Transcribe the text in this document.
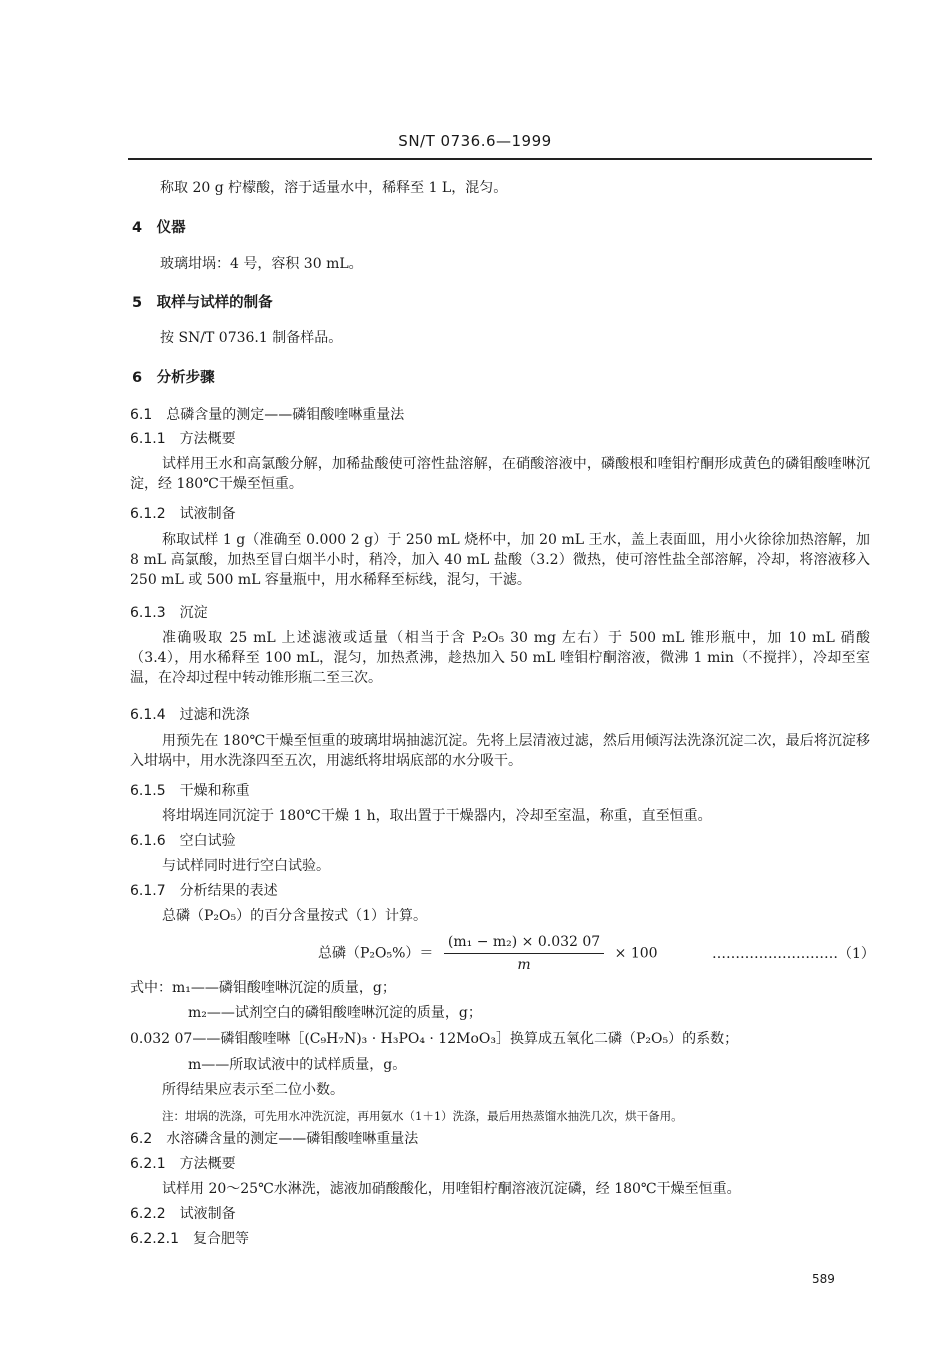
SN/T 0736.6—1999
称取 20 g 柠檬酸，溶于适量水中，稀释至 1 L，混匀。
4　仪器
玻璃坩埚：4 号，容积 30 mL。
5　取样与试样的制备
按 SN/T 0736.1 制备样品。
6　分析步骤
6.1　总磷含量的测定——磷钼酸喹啉重量法
6.1.1　方法概要
试样用王水和高氯酸分解，加稀盐酸使可溶性盐溶解，在硝酸溶液中，磷酸根和喹钼柠酮形成黄色的磷钼酸喹啉沉淀，经 180℃干燥至恒重。
6.1.2　试液制备
称取试样 1 g（准确至 0.000 2 g）于 250 mL 烧杯中，加 20 mL 王水，盖上表面皿，用小火徐徐加热溶解，加 8 mL 高氯酸，加热至冒白烟半小时，稍冷，加入 40 mL 盐酸（3.2）微热，使可溶性盐全部溶解，冷却，将溶液移入 250 mL 或 500 mL 容量瓶中，用水稀释至标线，混匀，干滤。
6.1.3　沉淀
准确吸取 25 mL 上述滤液或适量（相当于含 P₂O₅ 30 mg 左右）于 500 mL 锥形瓶中，加 10 mL 硝酸（3.4），用水稀释至 100 mL，混匀，加热煮沸，趁热加入 50 mL 喹钼柠酮溶液，微沸 1 min（不搅拌），冷却至室温，在冷却过程中转动锥形瓶二至三次。
6.1.4　过滤和洗涤
用预先在 180℃干燥至恒重的玻璃坩埚抽滤沉淀。先将上层清液过滤，然后用倾泻法洗涤沉淀二次，最后将沉淀移入坩埚中，用水洗涤四至五次，用滤纸将坩埚底部的水分吸干。
6.1.5　干燥和称重
将坩埚连同沉淀于 180℃干燥 1 h，取出置于干燥器内，冷却至室温，称重，直至恒重。
6.1.6　空白试验
与试样同时进行空白试验。
6.1.7　分析结果的表述
总磷（P₂O₅）的百分含量按式（1）计算。
总磷$(P_2O_5\%)= \frac{\text{(m₁ − m₂) × 0.032 07}}{m} \times 100$	………………………（1）
式中：m₁——磷钼酸喹啉沉淀的质量，g；
m₂——试剂空白的磷钼酸喹啉沉淀的质量，g；
0.032 07——磷钼酸喹啉［(C₉H₇N)₃ · H₃PO₄ · 12MoO₃］换算成五氧化二磷（P₂O₅）的系数；
m——所取试液中的试样质量，g。
所得结果应表示至二位小数。
注：坩埚的洗涤，可先用水冲洗沉淀，再用氨水（1＋1）洗涤，最后用热蒸馏水抽洗几次，烘干备用。
6.2　水溶磷含量的测定——磷钼酸喹啉重量法
6.2.1　方法概要
试样用 20～25℃水淋洗，滤液加硝酸酸化，用喹钼柠酮溶液沉淀磷，经 180℃干燥至恒重。
6.2.2　试液制备
6.2.2.1　复合肥等
589
